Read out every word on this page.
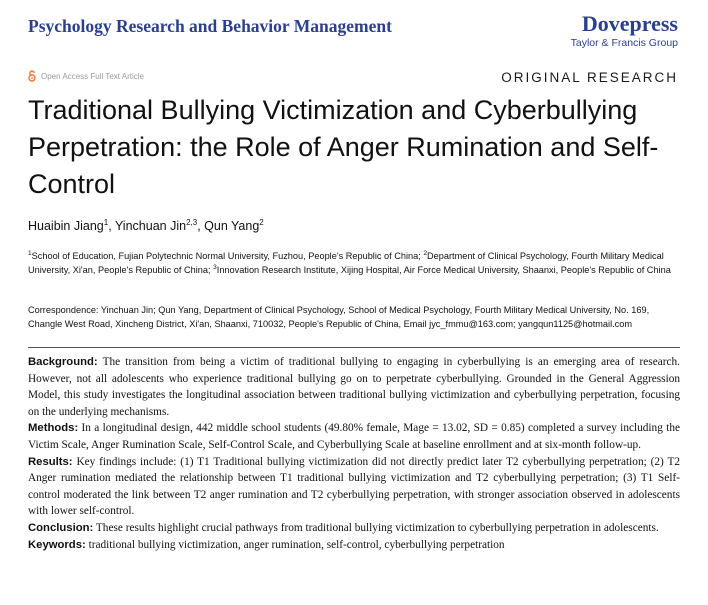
Psychology Research and Behavior Management	Dovepress
Taylor & Francis Group
Open Access Full Text Article	ORIGINAL RESEARCH
Traditional Bullying Victimization and Cyberbullying Perpetration: the Role of Anger Rumination and Self-Control
Huaibin Jiang$^1$, Yinchuan Jin$^{2,3}$, Qun Yang$^2$
$^1$School of Education, Fujian Polytechnic Normal University, Fuzhou, People's Republic of China; $^2$Department of Clinical Psychology, Fourth Military Medical University, Xi'an, People's Republic of China; $^3$Innovation Research Institute, Xijing Hospital, Air Force Medical University, Shaanxi, People's Republic of China
Correspondence: Yinchuan Jin; Qun Yang, Department of Clinical Psychology, School of Medical Psychology, Fourth Military Medical University, No. 169, Changle West Road, Xincheng District, Xi'an, Shaanxi, 710032, People's Republic of China, Email jyc_fmmu@163.com; yangqun1125@hotmail.com

Background: The transition from being a victim of traditional bullying to engaging in cyberbullying is an emerging area of research. However, not all adolescents who experience traditional bullying go on to perpetrate cyberbullying. Grounded in the General Aggression Model, this study investigates the longitudinal association between traditional bullying victimization and cyberbullying perpetration, focusing on the underlying mechanisms.

Methods: In a longitudinal design, 442 middle school students (49.80% female, Mage = 13.02, SD = 0.85) completed a survey including the Victim Scale, Anger Rumination Scale, Self-Control Scale, and Cyberbullying Scale at baseline enrollment and at six-month follow-up.

Results: Key findings include: (1) T1 Traditional bullying victimization did not directly predict later T2 cyberbullying perpetration; (2) T2 Anger rumination mediated the relationship between T1 traditional bullying victimization and T2 cyberbullying perpetration; (3) T1 Self-control moderated the link between T2 anger rumination and T2 cyberbullying perpetration, with stronger association observed in adolescents with lower self-control.

Conclusion: These results highlight crucial pathways from traditional bullying victimization to cyberbullying perpetration in adolescents.

Keywords: traditional bullying victimization, anger rumination, self-control, cyberbullying perpetration
